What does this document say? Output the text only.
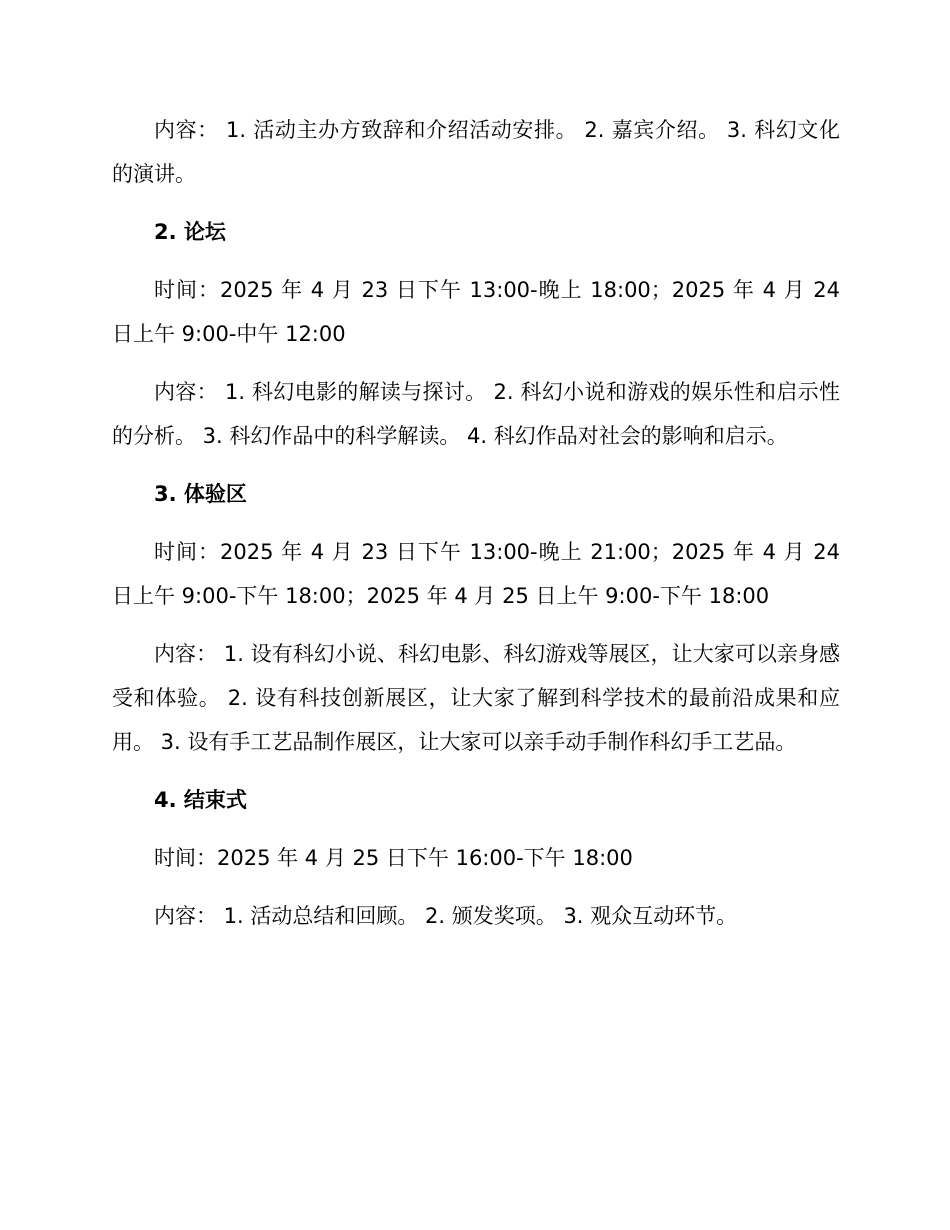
内容： 1. 活动主办方致辞和介绍活动安排。 2. 嘉宾介绍。 3. 科幻文化的演讲。

2. 论坛

时间：2025 年 4 月 23 日下午 13:00-晚上 18:00；2025 年 4 月 24 日上午 9:00-中午 12:00

内容： 1. 科幻电影的解读与探讨。 2. 科幻小说和游戏的娱乐性和启示性的分析。 3. 科幻作品中的科学解读。 4. 科幻作品对社会的影响和启示。

3. 体验区

时间：2025 年 4 月 23 日下午 13:00-晚上 21:00；2025 年 4 月 24 日上午 9:00-下午 18:00；2025 年 4 月 25 日上午 9:00-下午 18:00

内容： 1. 设有科幻小说、科幻电影、科幻游戏等展区，让大家可以亲身感受和体验。 2. 设有科技创新展区，让大家了解到科学技术的最前沿成果和应用。 3. 设有手工艺品制作展区，让大家可以亲手动手制作科幻手工艺品。

4. 结束式

时间：2025 年 4 月 25 日下午 16:00-下午 18:00

内容： 1. 活动总结和回顾。 2. 颁发奖项。 3. 观众互动环节。
